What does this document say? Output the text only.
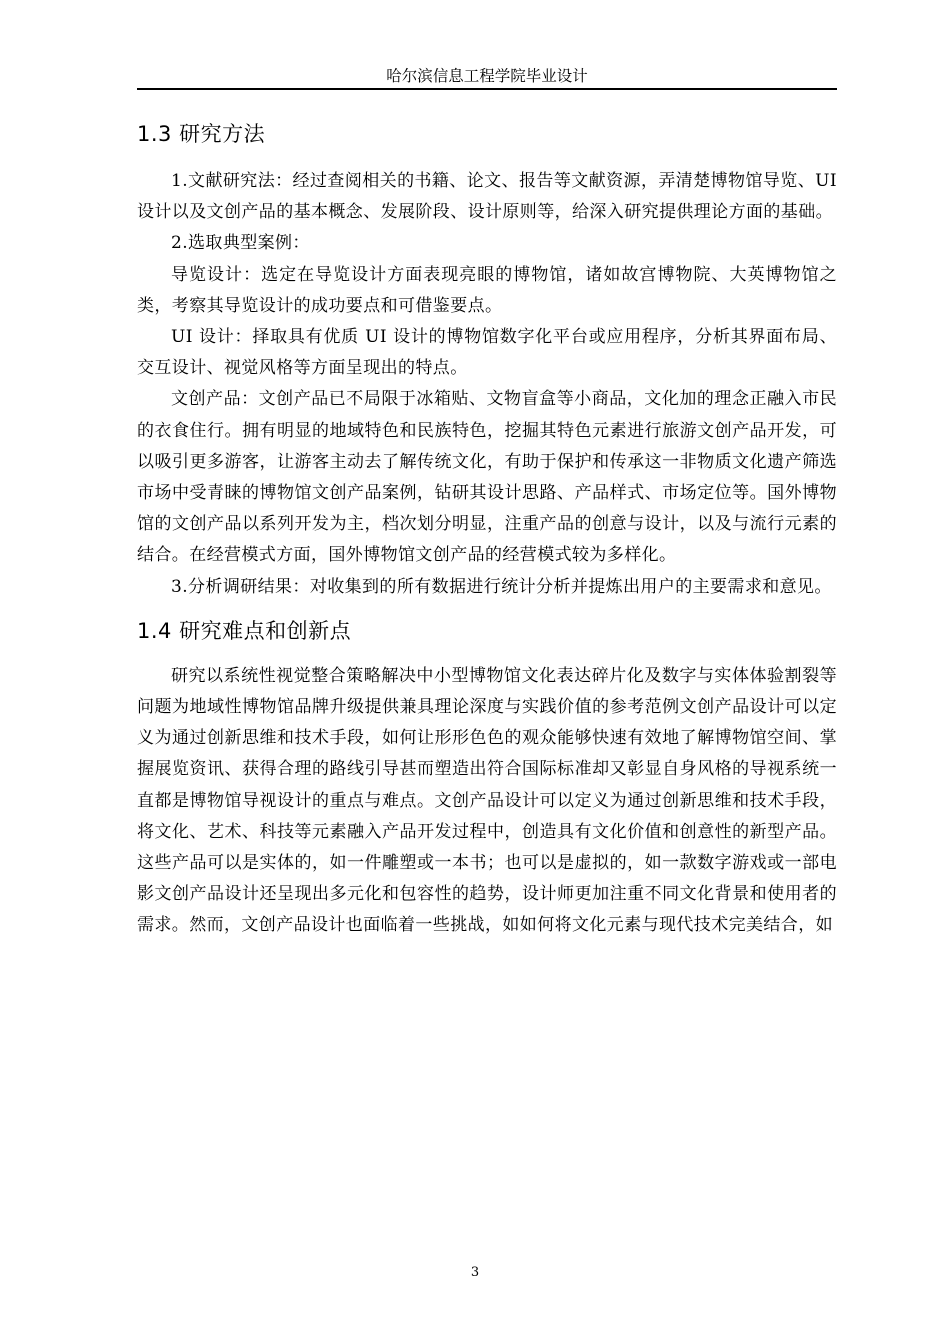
哈尔滨信息工程学院毕业设计
1.3 研究方法

1.文献研究法：经过查阅相关的书籍、论文、报告等文献资源，弄清楚博物馆导览、UI 设计以及文创产品的基本概念、发展阶段、设计原则等，给深入研究提供理论方面的基础。

2.选取典型案例：

导览设计：选定在导览设计方面表现亮眼的博物馆，诸如故宫博物院、大英博物馆之类，考察其导览设计的成功要点和可借鉴要点。

UI 设计：择取具有优质 UI 设计的博物馆数字化平台或应用程序，分析其界面布局、交互设计、视觉风格等方面呈现出的特点。

文创产品：文创产品已不局限于冰箱贴、文物盲盒等小商品，文化加的理念正融入市民的衣食住行。拥有明显的地域特色和民族特色，挖掘其特色元素进行旅游文创产品开发，可以吸引更多游客，让游客主动去了解传统文化，有助于保护和传承这一非物质文化遗产筛选市场中受青睐的博物馆文创产品案例，钻研其设计思路、产品样式、市场定位等。国外博物馆的文创产品以系列开发为主，档次划分明显，注重产品的创意与设计，以及与流行元素的结合。在经营模式方面，国外博物馆文创产品的经营模式较为多样化。

3.分析调研结果：对收集到的所有数据进行统计分析并提炼出用户的主要需求和意见。

1.4 研究难点和创新点

研究以系统性视觉整合策略解决中小型博物馆文化表达碎片化及数字与实体体验割裂等问题为地域性博物馆品牌升级提供兼具理论深度与实践价值的参考范例文创产品设计可以定义为通过创新思维和技术手段，如何让形形色色的观众能够快速有效地了解博物馆空间、掌握展览资讯、获得合理的路线引导甚而塑造出符合国际标准却又彰显自身风格的导视系统一直都是博物馆导视设计的重点与难点。文创产品设计可以定义为通过创新思维和技术手段，将文化、艺术、科技等元素融入产品开发过程中，创造具有文化价值和创意性的新型产品。这些产品可以是实体的，如一件雕塑或一本书；也可以是虚拟的，如一款数字游戏或一部电影文创产品设计还呈现出多元化和包容性的趋势，设计师更加注重不同文化背景和使用者的需求。然而，文创产品设计也面临着一些挑战，如如何将文化元素与现代技术完美结合，如

3
